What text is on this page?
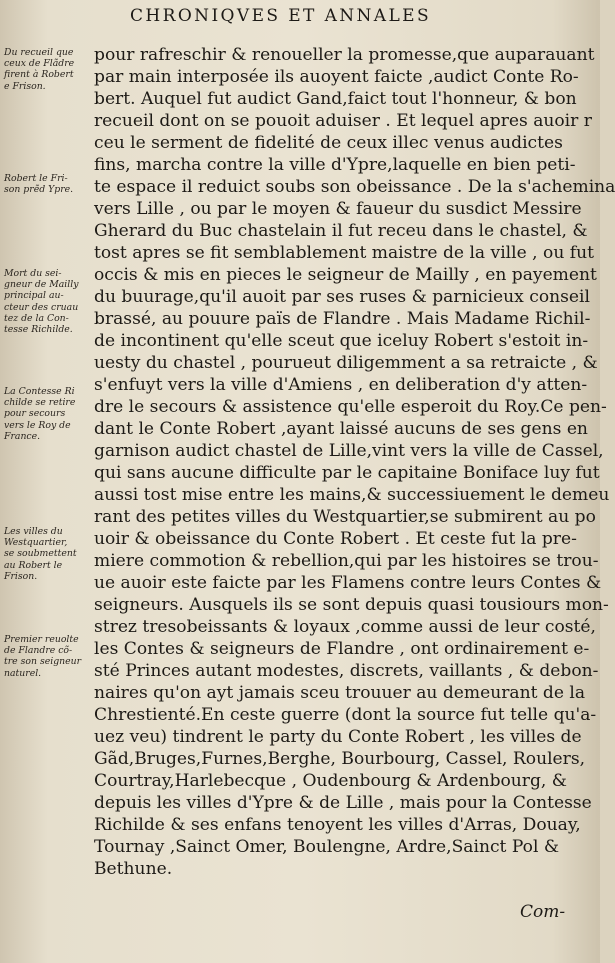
CHRONIQVES ET ANNALES
Du recueil que
ceux de Flãdre
firent à Robert
e Frison.
Robert le Fri-
son prẽd Ypre.
Mort du sei-
gneur de Mailly
principal au-
cteur des cruau
tez de la Con-
tesse Richilde.
La Contesse Ri
childe se retire
pour secours
vers le Roy de
France.
Les villes du
Westquartier,
se soubmettent
au Robert le
Frison.
Premier reuolte
de Flandre cõ-
tre son seigneur
naturel.
pour rafreschir & renoueller la promesse,que auparauant
par main interposée ils auoyent faicte ,audict Conte Ro-
bert. Auquel fut audict Gand,faict tout l'honneur, & bon
recueil dont on se pouoit aduiser . Et lequel apres auoir r
ceu le serment de fidelité de ceux illec venus audictes
fins, marcha contre la ville d'Ypre,laquelle en bien peti-
te espace il reduict soubs son obeissance . De la s'achemina
vers Lille , ou par le moyen & faueur du susdict Messire
Gherard du Buc chastelain il fut receu dans le chastel, &
tost apres se fit semblablement maistre de la ville , ou fut
occis & mis en pieces le seigneur de Mailly , en payement
du buurage,qu'il auoit par ses ruses & parnicieux conseil
brassé, au pouure païs de Flandre . Mais Madame Richil-
de incontinent qu'elle sceut que iceluy Robert s'estoit in-
uesty du chastel , pourueut diligemment a sa retraicte , &
s'enfuyt vers la ville d'Amiens , en deliberation d'y atten-
dre le secours & assistence qu'elle esperoit du Roy.Ce pen-
dant le Conte Robert ,ayant laissé aucuns de ses gens en
garnison audict chastel de Lille,vint vers la ville de Cassel,
qui sans aucune difficulte par le capitaine Boniface luy fut
aussi tost mise entre les mains,& successiuement le demeu
rant des petites villes du Westquartier,se submirent au po
uoir & obeissance du Conte Robert . Et ceste fut la pre-
miere commotion & rebellion,qui par les histoires se trou-
ue auoir este faicte par les Flamens contre leurs Contes &
seigneurs. Ausquels ils se sont depuis quasi tousiours mon-
strez tresobeissants & loyaux ,comme aussi de leur costé,
les Contes & seigneurs de Flandre , ont ordinairement e-
sté Princes autant modestes, discrets, vaillants , & debon-
naires qu'on ayt jamais sceu trouuer au demeurant de la
Chrestienté.En ceste guerre (dont la source fut telle qu'a-
uez veu) tindrent le party du Conte Robert , les villes de
Gãd,Bruges,Furnes,Berghe, Bourbourg, Cassel, Roulers,
Courtray,Harlebecque , Oudenbourg & Ardenbourg, &
depuis les villes d'Ypre & de Lille , mais pour la Contesse
Richilde & ses enfans tenoyent les villes d'Arras, Douay,
Tournay ,Sainct Omer, Boulengne, Ardre,Sainct Pol &
Bethune.
Com-
